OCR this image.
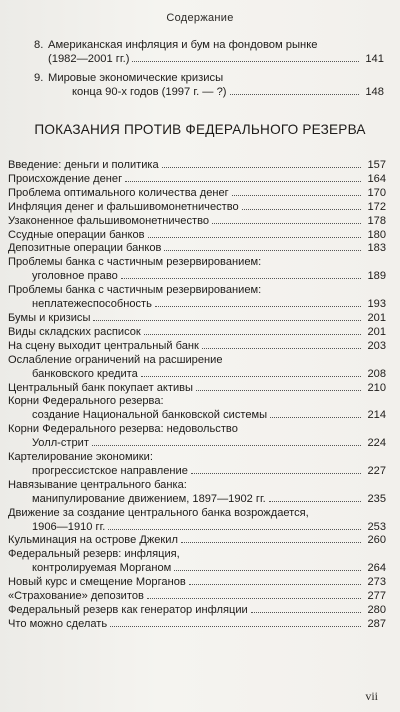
Содержание
8. Американская инфляция и бум на фондовом рынке
(1982—2001 гг.)	141
9. Мировые экономические кризисы
конца 90-х годов (1997 г. — ?)	148
ПОКАЗАНИЯ ПРОТИВ ФЕДЕРАЛЬНОГО РЕЗЕРВА
Введение: деньги и политика	157
Происхождение денег	164
Проблема оптимального количества денег	170
Инфляция денег и фальшивомонетничество	172
Узаконенное фальшивомонетничество	178
Ссудные операции банков	180
Депозитные операции банков	183
Проблемы банка с частичным резервированием:
уголовное право	189
Проблемы банка с частичным резервированием:
неплатежеспособность	193
Бумы и кризисы	201
Виды складских расписок	201
На сцену выходит центральный банк	203
Ослабление ограничений на расширение
банковского кредита	208
Центральный банк покупает активы	210
Корни Федерального резерва:
создание Национальной банковской системы	214
Корни Федерального резерва: недовольство
Уолл-стрит	224
Картелирование экономики:
прогрессистское направление	227
Навязывание центрального банка:
манипулирование движением, 1897—1902 гг.	235
Движение за создание центрального банка возрождается,
1906—1910 гг.	253
Кульминация на острове Джекил	260
Федеральный резерв: инфляция,
контролируемая Морганом	264
Новый курс и смещение Морганов	273
«Страхование» депозитов	277
Федеральный резерв как генератор инфляции	280
Что можно сделать	287
vii
